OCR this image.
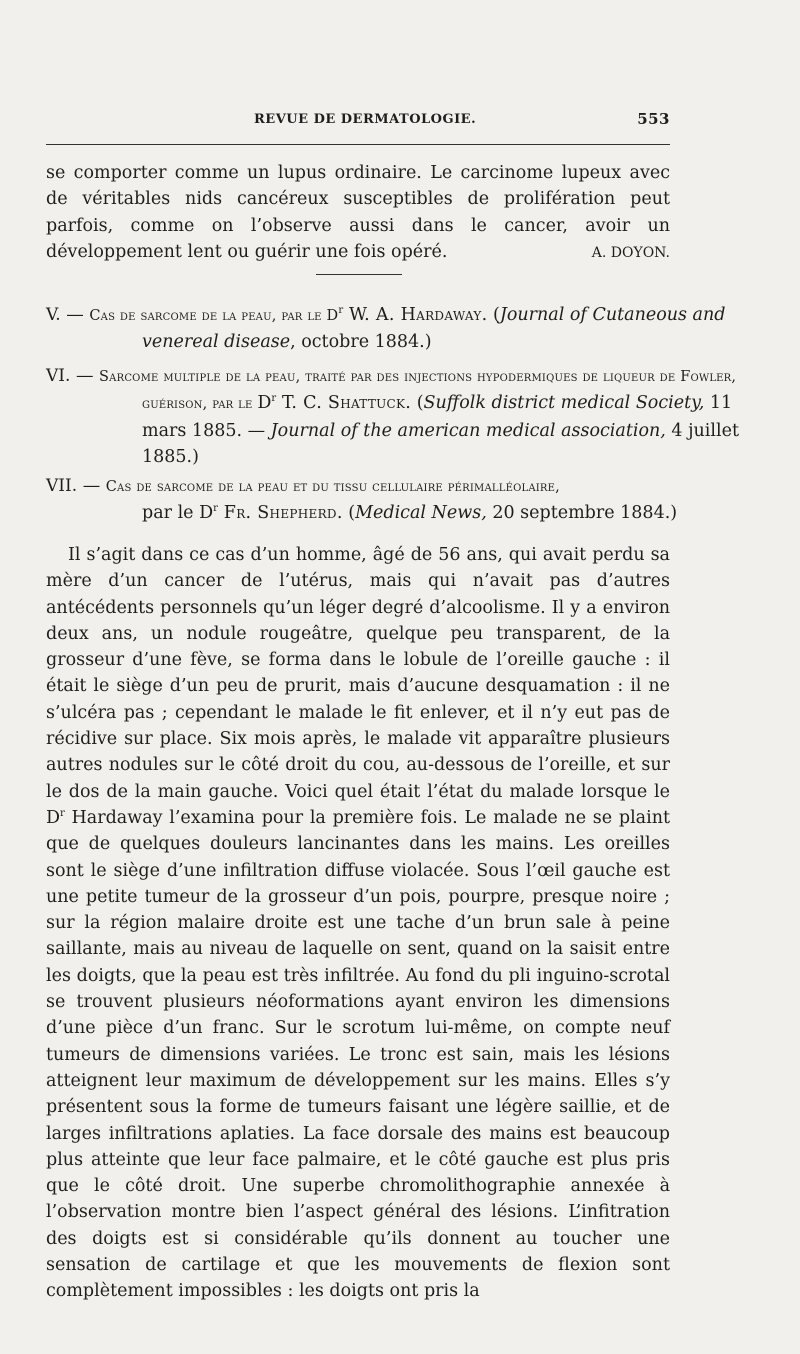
REVUE DE DERMATOLOGIE.	553
se comporter comme un lupus ordinaire. Le carcinome lupeux avec de véritables nids cancéreux susceptibles de prolifération peut parfois, comme on l’observe aussi dans le cancer, avoir un développement lent ou guérir une fois opéré.	A. DOYON.
V. — Cas de sarcome de la peau, par le $D^r$ W. A. Hardaway. (Journal of Cutaneous and venereal disease, octobre 1884.)
VI. — Sarcome multiple de la peau, traité par des injections hypodermiques de liqueur de Fowler, guérison, par le $D^r$ T. C. Shattuck. (Suffolk district medical Society, 11 mars 1885. — Journal of the american medical association, 4 juillet 1885.)
VII. — Cas de sarcome de la peau et du tissu cellulaire périmalléolaire,
par le $D^r$ Fr. Shepherd. (Medical News, 20 septembre 1884.)
Il s’agit dans ce cas d’un homme, âgé de 56 ans, qui avait perdu sa mère d’un cancer de l’utérus, mais qui n’avait pas d’autres antécédents personnels qu’un léger degré d’alcoolisme. Il y a environ deux ans, un nodule rougeâtre, quelque peu transparent, de la grosseur d’une fève, se forma dans le lobule de l’oreille gauche : il était le siège d’un peu de prurit, mais d’aucune desquamation : il ne s’ulcéra pas ; cependant le malade le fit enlever, et il n’y eut pas de récidive sur place. Six mois après, le malade vit apparaître plusieurs autres nodules sur le côté droit du cou, au-dessous de l’oreille, et sur le dos de la main gauche. Voici quel était l’état du malade lorsque le $D^r$ Hardaway l’examina pour la première fois. Le malade ne se plaint que de quelques douleurs lancinantes dans les mains. Les oreilles sont le siège d’une infiltration diffuse violacée. Sous l’œil gauche est une petite tumeur de la grosseur d’un pois, pourpre, presque noire ; sur la région malaire droite est une tache d’un brun sale à peine saillante, mais au niveau de laquelle on sent, quand on la saisit entre les doigts, que la peau est très infiltrée. Au fond du pli inguino-scrotal se trouvent plusieurs néoformations ayant environ les dimensions d’une pièce d’un franc. Sur le scrotum lui-même, on compte neuf tumeurs de dimensions variées. Le tronc est sain, mais les lésions atteignent leur maximum de développement sur les mains. Elles s’y présentent sous la forme de tumeurs faisant une légère saillie, et de larges infiltrations aplaties. La face dorsale des mains est beaucoup plus atteinte que leur face palmaire, et le côté gauche est plus pris que le côté droit. Une superbe chromolithographie annexée à l’observation montre bien l’aspect général des lésions. L’infitration des doigts est si considérable qu’ils donnent au toucher une sensation de cartilage et que les mouvements de flexion sont complètement impossibles : les doigts ont pris la
